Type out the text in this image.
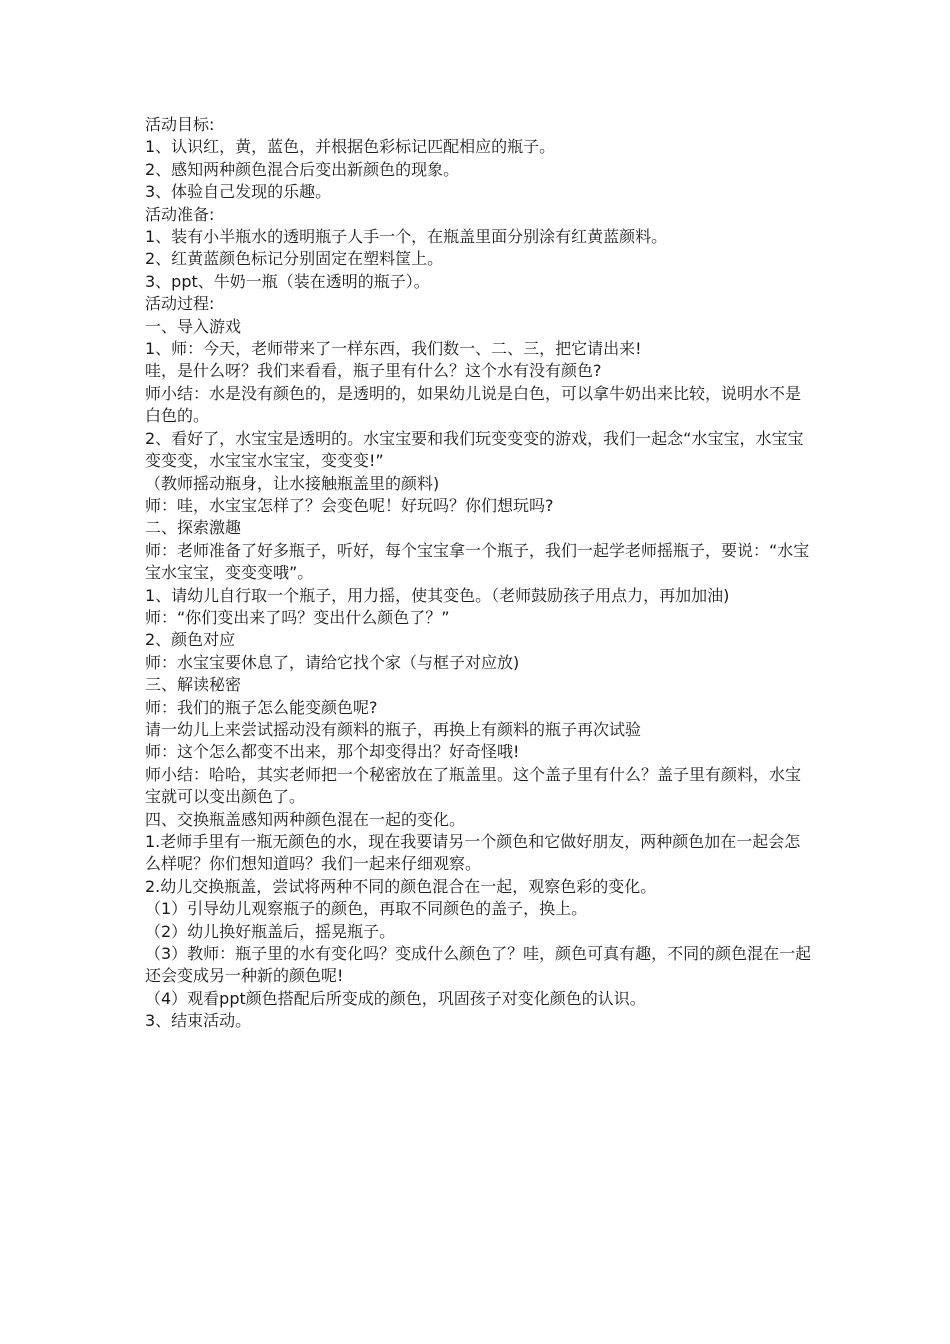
活动目标:

1、认识红，黄，蓝色，并根据色彩标记匹配相应的瓶子。

2、感知两种颜色混合后变出新颜色的现象。

3、体验自己发现的乐趣。

活动准备:

1、装有小半瓶水的透明瓶子人手一个，在瓶盖里面分别涂有红黄蓝颜料。

2、红黄蓝颜色标记分别固定在塑料筐上。

3、ppt、牛奶一瓶（装在透明的瓶子）。

活动过程:

一、导入游戏

1、师：今天，老师带来了一样东西，我们数一、二、三，把它请出来!

哇，是什么呀？我们来看看，瓶子里有什么？这个水有没有颜色?

师小结：水是没有颜色的，是透明的，如果幼儿说是白色，可以拿牛奶出来比较，说明水不是白色的。

2、看好了，水宝宝是透明的。水宝宝要和我们玩变变变的游戏，我们一起念“水宝宝，水宝宝变变变，水宝宝水宝宝，变变变!”

（教师摇动瓶身，让水接触瓶盖里的颜料)

师：哇，水宝宝怎样了？会变色呢！好玩吗？你们想玩吗?

二、探索激趣

师：老师准备了好多瓶子，听好，每个宝宝拿一个瓶子，我们一起学老师摇瓶子，要说：“水宝宝水宝宝，变变变哦”。

1、请幼儿自行取一个瓶子，用力摇，使其变色。（老师鼓励孩子用点力，再加加油)

师：“你们变出来了吗？变出什么颜色了？”

2、颜色对应

师：水宝宝要休息了，请给它找个家（与框子对应放)

三、解读秘密

师：我们的瓶子怎么能变颜色呢?

请一幼儿上来尝试摇动没有颜料的瓶子，再换上有颜料的瓶子再次试验

师：这个怎么都变不出来，那个却变得出？好奇怪哦!

师小结：哈哈，其实老师把一个秘密放在了瓶盖里。这个盖子里有什么？盖子里有颜料，水宝宝就可以变出颜色了。

四、交换瓶盖感知两种颜色混在一起的变化。

1.老师手里有一瓶无颜色的水，现在我要请另一个颜色和它做好朋友，两种颜色加在一起会怎么样呢？你们想知道吗？我们一起来仔细观察。

2.幼儿交换瓶盖，尝试将两种不同的颜色混合在一起，观察色彩的变化。

（1）引导幼儿观察瓶子的颜色，再取不同颜色的盖子，换上。

（2）幼儿换好瓶盖后，摇晃瓶子。

（3）教师：瓶子里的水有变化吗？变成什么颜色了？哇，颜色可真有趣，不同的颜色混在一起还会变成另一种新的颜色呢!

（4）观看ppt颜色搭配后所变成的颜色，巩固孩子对变化颜色的认识。

3、结束活动。
